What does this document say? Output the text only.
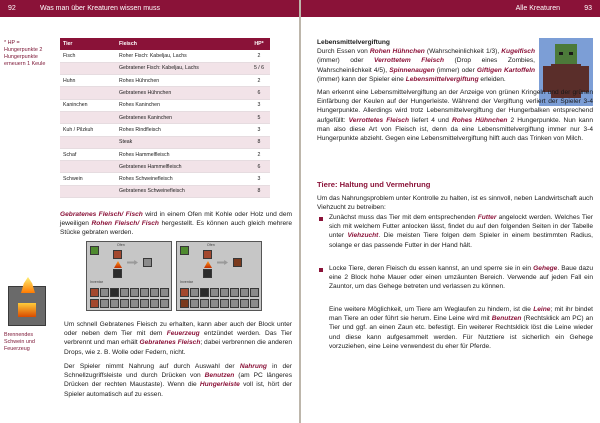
92	Was man über Kreaturen wissen muss
* HP = Hungerpunkte 2 Hungerpunkte erneuern 1 Keule
Tier	Fleisch	HP*
Fisch	Roher Fisch: Kabeljau, Lachs	2
	Gebratener Fisch: Kabeljau, Lachs	5 / 6
Huhn	Rohes Hühnchen	2
	Gebratenes Hühnchen	6
Kaninchen	Rohes Kaninchen	3
	Gebratenes Kaninchen	5
Kuh / Pilzkuh	Rohes Rindfleisch	3
	Steak	8
Schaf	Rohes Hammelfleisch	2
	Gebratenes Hammelfleisch	6
Schwein	Rohes Schweinefleisch	3
	Gebratenes Schweinefleisch	8
Gebratenes Fleisch/ Fisch wird in einem Ofen mit Kohle oder Holz und dem jeweiligen Rohen Fleisch/ Fisch hergestellt. Es können auch gleich mehrere Stücke gebraten werden.
Ofen
Inventar
Ofen
Inventar
Brennendes Schwein und Feuerzeug
Um schnell Gebratenes Fleisch zu erhalten, kann aber auch der Block unter oder neben dem Tier mit dem Feuerzeug entzündet werden. Das Tier verbrennt und man erhält Gebratenes Fleisch; dabei verbrennen die anderen Drops, wie z. B. Wolle oder Federn, nicht.
Der Spieler nimmt Nahrung auf durch Auswahl der Nahrung in der Schnellzugriffsleiste und durch Drücken von Benutzen (am PC längeres Drücken der rechten Maustaste). Wenn die Hungerleiste voll ist, hört der Spieler automatisch auf zu essen.
Alle Kreaturen	93
Lebensmittelvergiftung
Durch Essen von Rohen Hühnchen (Wahrscheinlichkeit 1/3), Kugelfisch (immer) oder Verrottetem Fleisch (Drop eines Zombies, Wahrscheinlichkeit 4/5), Spinnenaugen (immer) oder Giftigen Kartoffeln (immer) kann der Spieler eine Lebensmittelvergiftung erleiden.
Man erkennt eine Lebensmittelvergiftung an der Anzeige von grünen Kringeln und der grünen Einfärbung der Keulen auf der Hungerleiste. Während der Vergiftung verliert der Spieler 3-4 Hungerpunkte. Allerdings wird trotz Lebensmittelvergiftung der Hungerbalken entsprechend aufgefüllt: Verrottetes Fleisch liefert 4 und Rohes Hühnchen 2 Hungerpunkte. Nun kann man also diese Art von Fleisch ist, denn da eine Lebensmittelvergiftung immer nur 3-4 Hungerpunkte abzieht. Gegen eine Lebensmittelvergiftung hilft auch das Trinken von Milch.
Tiere: Haltung und Vermehrung
Um das Nahrungsproblem unter Kontrolle zu halten, ist es sinnvoll, neben Landwirtschaft auch Viehzucht zu betreiben:
Zunächst muss das Tier mit dem entsprechenden Futter angelockt werden. Welches Tier sich mit welchem Futter anlocken lässt, findet du auf den folgenden Seiten in der Tabelle unter Viehzucht. Die meisten Tiere folgen dem Spieler in einem bestimmten Radius, solange er das passende Futter in der Hand hält.
Locke Tiere, deren Fleisch du essen kannst, an und sperre sie in ein Gehege. Baue dazu eine 2 Block hohe Mauer oder einen umzäunten Bereich. Verwende auf jeden Fall ein Zauntor, um das Gehege betreten und verlassen zu können.
Eine weitere Möglichkeit, um Tiere am Weglaufen zu hindern, ist die Leine; mit ihr bindet man Tiere an oder führt sie herum. Eine Leine wird mit Benutzen (Rechtsklick am PC) an Tier und ggf. an einen Zaun etc. befestigt. Ein weiterer Rechtsklick löst die Leine wieder und diese kann aufgesammelt werden. Für Nutztiere ist sicherlich ein Gehege vorzuziehen, eine Leine verwendest du eher für Pferde.
